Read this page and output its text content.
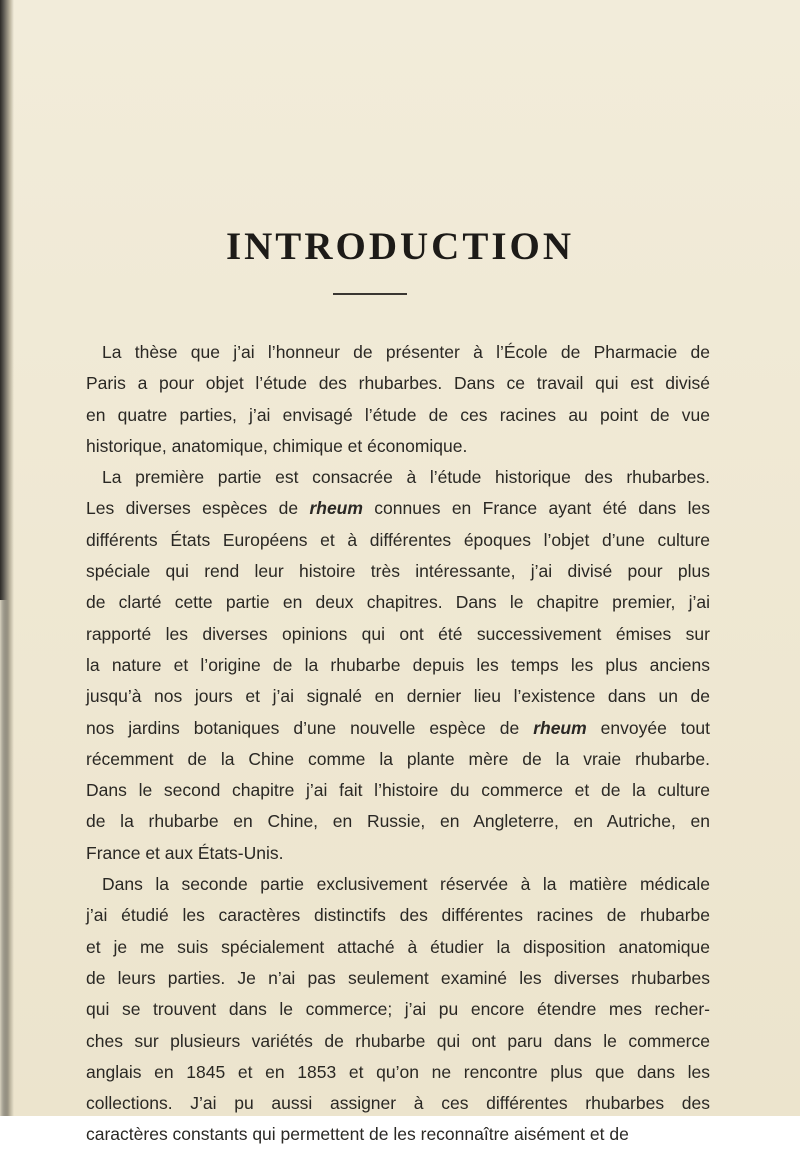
INTRODUCTION
La thèse que j’ai l’honneur de présenter à l’École de Pharmacie de
Paris a pour objet l’étude des rhubarbes. Dans ce travail qui est divisé
en quatre parties, j’ai envisagé l’étude de ces racines au point de vue
historique, anatomique, chimique et économique.
La première partie est consacrée à l’étude historique des rhubarbes.
Les diverses espèces de rheum connues en France ayant été dans les
différents États Européens et à différentes époques l’objet d’une culture
spéciale qui rend leur histoire très intéressante, j’ai divisé pour plus
de clarté cette partie en deux chapitres. Dans le chapitre premier, j’ai
rapporté les diverses opinions qui ont été successivement émises sur
la nature et l’origine de la rhubarbe depuis les temps les plus anciens
jusqu’à nos jours et j’ai signalé en dernier lieu l’existence dans un de
nos jardins botaniques d’une nouvelle espèce de rheum envoyée tout
récemment de la Chine comme la plante mère de la vraie rhubarbe.
Dans le second chapitre j’ai fait l’histoire du commerce et de la culture
de la rhubarbe en Chine, en Russie, en Angleterre, en Autriche, en
France et aux États-Unis.
Dans la seconde partie exclusivement réservée à la matière médicale
j’ai étudié les caractères distinctifs des différentes racines de rhubarbe
et je me suis spécialement attaché à étudier la disposition anatomique
de leurs parties. Je n’ai pas seulement examiné les diverses rhubarbes
qui se trouvent dans le commerce; j’ai pu encore étendre mes recher-
ches sur plusieurs variétés de rhubarbe qui ont paru dans le commerce
anglais en 1845 et en 1853 et qu’on ne rencontre plus que dans les
collections. J’ai pu aussi assigner à ces différentes rhubarbes des
caractères constants qui permettent de les reconnaître aisément et de
